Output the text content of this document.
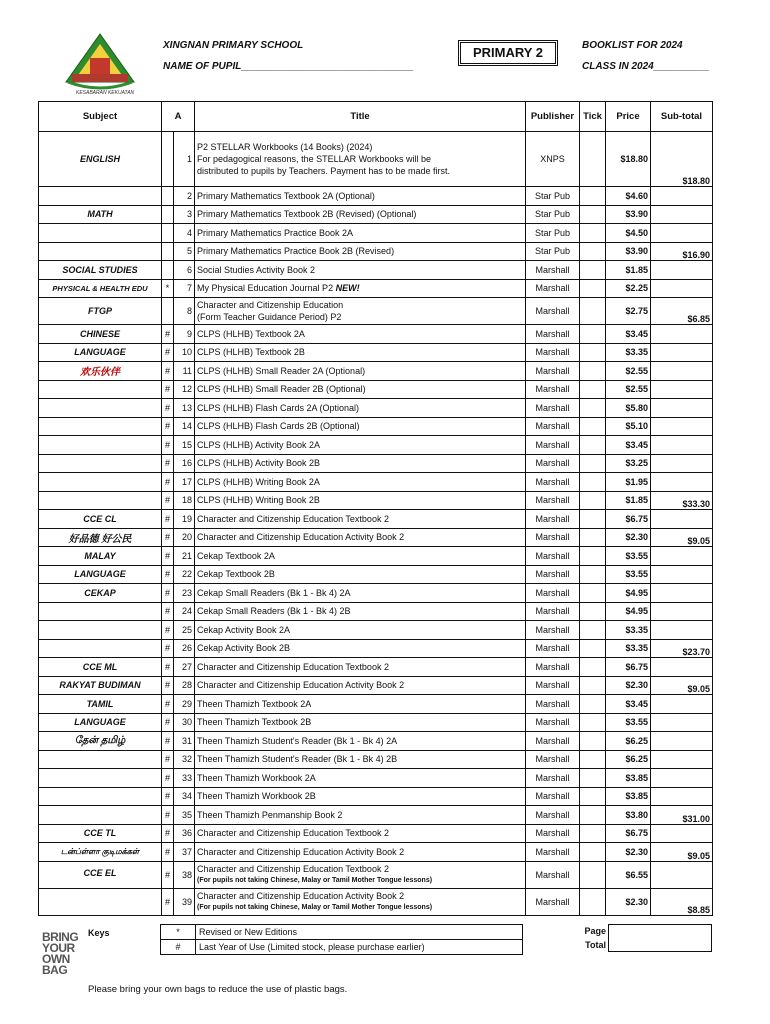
KESABARAN KEKUATAN
XINGNAN PRIMARY SCHOOL
NAME OF PUPIL_______________________________
PRIMARY 2	BOOKLIST FOR 2024
CLASS IN 2024__________
Subject	A		Title	Publisher	Tick	Price	Sub-total
ENGLISH		1	P2 STELLAR Workbooks (14 Books) (2024)
For pedagogical reasons, the STELLAR Workbooks will be
distributed to pupils by Teachers. Payment has to be made first.	XNPS		$18.80	$18.80
		2	Primary Mathematics Textbook 2A (Optional)	Star Pub		$4.60	
MATH		3	Primary Mathematics Textbook 2B (Revised) (Optional)	Star Pub		$3.90	
		4	Primary Mathematics Practice Book 2A	Star Pub		$4.50	
		5	Primary Mathematics Practice Book 2B (Revised)	Star Pub		$3.90	$16.90
SOCIAL STUDIES		6	Social Studies Activity Book 2	Marshall		$1.85	
PHYSICAL & HEALTH EDU	*	7	My Physical Education Journal P2 NEW!	Marshall		$2.25	
FTGP		8	Character and Citizenship Education
(Form Teacher Guidance Period) P2	Marshall		$2.75	$6.85
CHINESE	#	9	CLPS (HLHB) Textbook 2A	Marshall		$3.45	
LANGUAGE	#	10	CLPS (HLHB) Textbook 2B	Marshall		$3.35	
欢乐伙伴	#	11	CLPS (HLHB) Small Reader 2A (Optional)	Marshall		$2.55	
	#	12	CLPS (HLHB) Small Reader 2B (Optional)	Marshall		$2.55	
	#	13	CLPS (HLHB) Flash Cards 2A (Optional)	Marshall		$5.80	
	#	14	CLPS (HLHB) Flash Cards 2B (Optional)	Marshall		$5.10	
	#	15	CLPS (HLHB) Activity Book 2A	Marshall		$3.45	
	#	16	CLPS (HLHB) Activity Book 2B	Marshall		$3.25	
	#	17	CLPS (HLHB) Writing Book 2A	Marshall		$1.95	
	#	18	CLPS (HLHB) Writing Book 2B	Marshall		$1.85	$33.30
CCE CL	#	19	Character and Citizenship Education Textbook 2	Marshall		$6.75	
好品德 好公民	#	20	Character and Citizenship Education Activity Book 2	Marshall		$2.30	$9.05
MALAY	#	21	Cekap Textbook 2A	Marshall		$3.55	
LANGUAGE	#	22	Cekap Textbook 2B	Marshall		$3.55	
CEKAP	#	23	Cekap Small Readers (Bk 1 - Bk 4) 2A	Marshall		$4.95	
	#	24	Cekap Small Readers (Bk 1 - Bk 4) 2B	Marshall		$4.95	
	#	25	Cekap Activity Book 2A	Marshall		$3.35	
	#	26	Cekap Activity Book 2B	Marshall		$3.35	$23.70
CCE ML	#	27	Character and Citizenship Education Textbook 2	Marshall		$6.75	
RAKYAT BUDIMAN	#	28	Character and Citizenship Education Activity Book 2	Marshall		$2.30	$9.05
TAMIL	#	29	Theen Thamizh Textbook 2A	Marshall		$3.45	
LANGUAGE	#	30	Theen Thamizh Textbook 2B	Marshall		$3.55	
தேன் தமிழ்	#	31	Theen Thamizh Student's Reader (Bk 1 - Bk 4) 2A	Marshall		$6.25	
	#	32	Theen Thamizh Student's Reader (Bk 1 - Bk 4) 2B	Marshall		$6.25	
	#	33	Theen Thamizh Workbook 2A	Marshall		$3.85	
	#	34	Theen Thamizh Workbook 2B	Marshall		$3.85	
	#	35	Theen Thamizh Penmanship Book 2	Marshall		$3.80	$31.00
CCE TL	#	36	Character and Citizenship Education Textbook 2	Marshall		$6.75	
டன்ப்ள்ளா குடிமக்கள்	#	37	Character and Citizenship Education Activity Book 2	Marshall		$2.30	$9.05
CCE EL	#	38	Character and Citizenship Education Textbook 2
(For pupils not taking Chinese, Malay or Tamil Mother Tongue lessons)	Marshall		$6.55	
	#	39	Character and Citizenship Education Activity Book 2
(For pupils not taking Chinese, Malay or Tamil Mother Tongue lessons)	Marshall		$2.30	$8.85
Keys	*	Revised or New Editions
#	Last Year of Use (Limited stock, please purchase earlier)
Page
Total
BRING
YOUR
OWN
BAG
Please bring your own bags to reduce the use of plastic bags.
